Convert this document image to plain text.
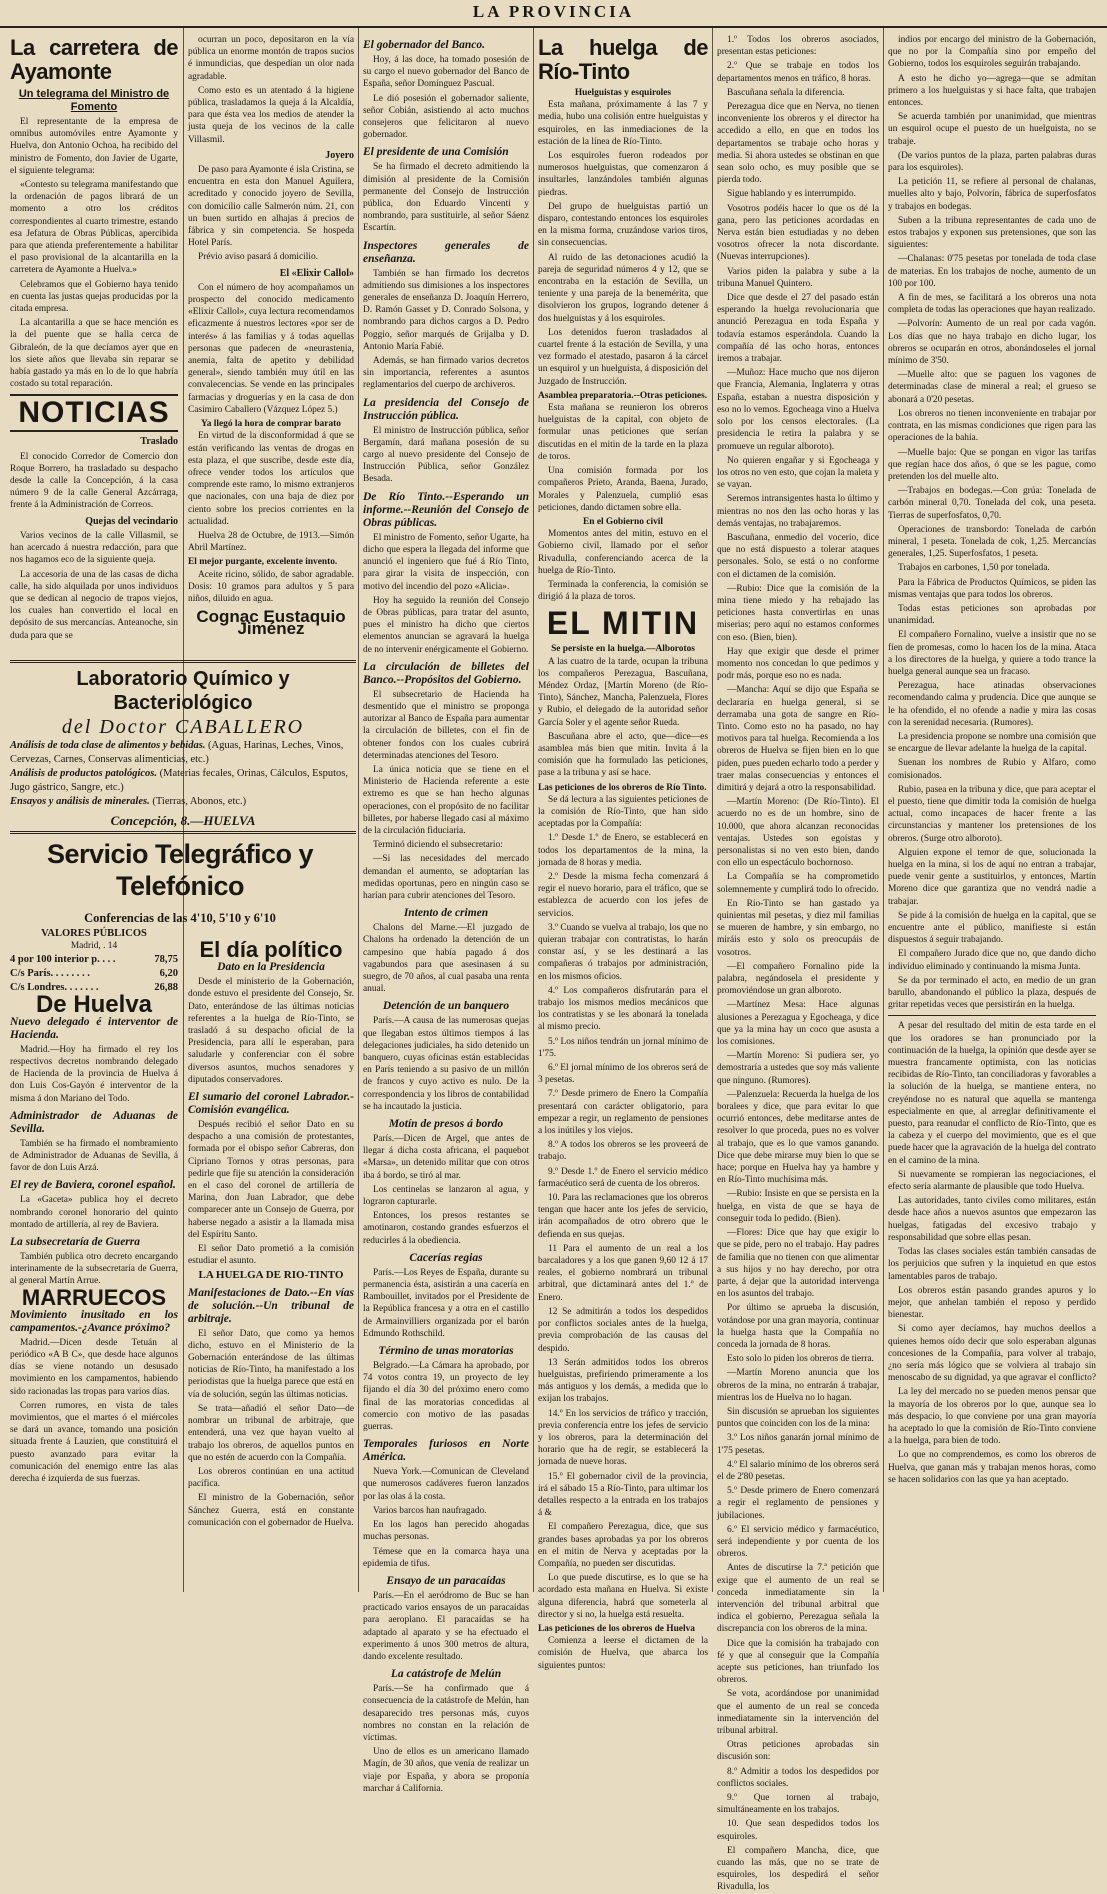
LA PROVINCIA
La carretera de Ayamonte
Un telegrama del Ministro de Fomento

El representante de la empresa de omnibus automóviles entre Ayamonte y Huelva, don Antonio Ochoa, ha recibido del ministro de Fomento, don Javier de Ugarte, el siguiente telegrama:

«Contesto su telegrama manifestando que la ordenación de pagos librará de un momento a otro los créditos correspondientes al cuarto trimestre, estando esa Jefatura de Obras Públicas, apercibida para que atienda preferentemente a habilitar el paso provisional de la alcantarilla en la carretera de Ayamonte a Huelva.»

Celebramos que el Gobierno haya tenido en cuenta las justas quejas producidas por la citada empresa.

La alcantarilla a que se hace mención es la del puente que se halla cerca de Gibraleón, de la que decíamos ayer que en los siete años que llevaba sin reparar se había gastado ya más en lo de lo que habría costado su total reparación.

NOTICIAS
Traslado

El conocido Corredor de Comercio don Roque Borrero, ha trasladado su despacho desde la calle la Concepción, á la casa número 9 de la calle General Azcárraga, frente á la Administración de Correos.

Quejas del vecindario

Varios vecinos de la calle Villasmil, se han acercado á nuestra redacción, para que nos hagamos eco de la siguiente queja.

La accesoria de una de las casas de dicha calle, ha sido alquilada por unos individuos que se dedican al negocio de trapos viejos, los cuales han convertido el local en depósito de sus mercancías. Anteanoche, sin duda para que se

ocurran un poco, depositaron en la vía pública un enorme montón de trapos sucios é inmundicias, que despedían un olor nada agradable.

Como esto es un atentado á la higiene pública, trasladamos la queja á la Alcaldía, para que ésta vea los medios de atender la justa queja de los vecinos de la calle Villasmil.

Joyero

De paso para Ayamonte é isla Cristina, se encuentra en esta don Manuel Aguilera, acreditado y conocido joyero de Sevilla, con domicilio calle Salmerón núm. 21, con un buen surtido en alhajas á precios de fábrica y sin competencia. Se hospeda Hotel París.

Prévio aviso pasará á domicilio.

El «Elixir Callol»

Con el número de hoy acompañamos un prospecto del conocido medicamento «Elixir Callol», cuya lectura recomendamos eficazmente á nuestros lectores «por ser de interés» á las familias y á todas aquellas personas que padecen de «neurastenia, anemia, falta de apetito y debilidad general», siendo también muy útil en las convalecencias. Se vende en las principales farmacias y droguerías y en la casa de don Casimiro Caballero (Vázquez López 5.)

Ya llegó la hora de comprar barato

En virtud de la disconformidad á que se están verificando las ventas de drogas en esta plaza, el que suscribe, desde este día, ofrece vender todos los artículos que comprende este ramo, lo mismo extranjeros que nacionales, con una baja de diez por ciento sobre los precios corrientes en la actualidad.

Huelva 28 de Octubre, de 1913.—Simón Abril Martínez.

El mejor purgante, excelente invento.

Aceite ricino, sólido, de sabor agradable. Dosis: 10 gramos para adultos y 5 para niños, diluido en agua.

Cognac Eustaquio Jiménez
Laboratorio Químico y Bacteriológico
del Doctor CABALLERO
Análisis de toda clase de alimentos y bebidas. (Aguas, Harinas, Leches, Vinos, Cervezas, Carnes, Conservas alimenticias, etc.)
Análisis de productos patológicos. (Materias fecales, Orinas, Cálculos, Esputos, Jugo gástrico, Sangre, etc.)
Ensayos y análisis de minerales. (Tierras, Abonos, etc.)
Concepción, 8.—HUELVA
Servicio Telegráfico y Telefónico
Conferencias de las 4'10, 5'10 y 6'10
VALORES PÚBLICOS
Madrid, . 14
4 por 100 interior p. . . .	78,75
C/s París. . . . . . . .	6,20
C/s Londres. . . . . . .	26,88
De Huelva
Nuevo delegado é interventor de Hacienda.

Madrid.—Hoy ha firmado el rey los respectivos decretos nombrando delegado de Hacienda de la provincia de Huelva á don Luis Cos-Gayón é interventor de la misma á don Mariano del Todo.

Administrador de Aduanas de Sevilla.

También se ha firmado el nombramiento de Administrador de Aduanas de Sevilla, á favor de don Luis Arzá.

El rey de Baviera, coronel español.

La «Gaceta» publica hoy el decreto nombrando coronel honorario del quinto montado de artillería, al rey de Baviera.

La subsecretaría de Guerra

También publica otro decreto encargando interinamente de la subsecretaría de Guerra, al general Martín Arrue.

MARRUECOS
Movimiento inusitado en los campamentos.-¿Avance próximo?

Madrid.—Dicen desde Tetuán al periódico «A B C», que desde hace algunos días se viene notando un desusado movimiento en los campamentos, habiendo sido racionadas las tropas para varios días.

Corren rumores, en vista de tales movimientos, que el martes ó el miércoles se dará un avance, tomando una posición situada frente á Lauzien, que constituirá el puesto avanzado para evitar la comunicación del enemigo entre las alas derecha é izquierda de sus fuerzas.

El día político
Dato en la Presidencia

Desde el ministerio de la Gobernación, donde estuvo el presidente del Consejo, Sr. Dato, enterándose de las últimas noticias referentes a la huelga de Río-Tinto, se trasladó á su despacho oficial de la Presidencia, para allí le esperaban, para saludarle y conferenciar con él sobre diversos asuntos, muchos senadores y diputados conservadores.

El sumario del coronel Labrador.-Comisión evangélica.

Después recibió el señor Dato en su despacho a una comisión de protestantes, formada por el obispo señor Cabreras, don Cipriano Tornos y otras personas, para pedirle que fije su atención la consideración en el caso del coronel de artillería de Marina, don Juan Labrador, que debe comparecer ante un Consejo de Guerra, por haberse negado a asistir a la llamada misa del Espíritu Santo.

El señor Dato prometió a la comisión estudiar el asunto.

LA HUELGA DE RIO-TINTO
Manifestaciones de Dato.--En vías de solución.--Un tribunal de arbitraje.

El señor Dato, que como ya hemos dicho, estuvo en el Ministerio de la Gobernación enterándose de las últimas noticias de Río-Tinto, ha manifestado a los periodistas que la huelga parece que está en vía de solución, según las últimas noticias.

Se trata—añadió el señor Dato—de nombrar un tribunal de arbitraje, que entenderá, una vez que hayan vuelto al trabajo los obreros, de aquellos puntos en que no estén de acuerdo con la Compañía.

Los obreros continúan en una actitud pacífica.

El ministro de la Gobernación, señor Sánchez Guerra, está en constante comunicación con el gobernador de Huelva.

El gobernador del Banco.

Hoy, á las doce, ha tomado posesión de su cargo el nuevo gobernador del Banco de España, señor Domínguez Pascual.

Le dió posesión el gobernador saliente, señor Cobián, asistiendo al acto muchos consejeros que felicitaron al nuevo gobernador.

El presidente de una Comisión

Se ha firmado el decreto admitiendo la dimisión al presidente de la Comisión permanente del Consejo de Instrucción pública, don Eduardo Vincenti y nombrando, para sustituirle, al señor Sáenz Escartín.

Inspectores generales de enseñanza.

También se han firmado los decretos admitiendo sus dimisiones a los inspectores generales de enseñanza D. Joaquín Herrero, D. Ramón Gasset y D. Conrado Solsona, y nombrando para dichos cargos a D. Pedro Poggio, señor marqués de Grijalba y D. Antonio María Fabié.

Además, se han firmado varios decretos sin importancia, referentes a asuntos reglamentarios del cuerpo de archiveros.

La presidencia del Consejo de Instrucción pública.

El ministro de Instrucción pública, señor Bergamín, dará mañana posesión de su cargo al nuevo presidente del Consejo de Instrucción Pública, señor González Besada.

De Río Tinto.--Esperando un informe.--Reunión del Consejo de Obras públicas.

El ministro de Fomento, señor Ugarte, ha dicho que espera la llegada del informe que anunció el ingeniero que fué á Río Tinto, para girar la visita de inspección, con motivo del incendio del pozo «Alicia».

Hoy ha seguido la reunión del Consejo de Obras públicas, para tratar del asunto, pues el ministro ha dicho que ciertos elementos anuncian se agravará la huelga de no intervenir enérgicamente el Gobierno.

La circulación de billetes del Banco.--Propósitos del Gobierno.

El subsecretario de Hacienda ha desmentido que el ministro se proponga autorizar al Banco de España para aumentar la circulación de billetes, con el fin de obtener fondos con los cuales cubrirá determinadas atenciones del Tesoro.

La única noticia que se tiene en el Ministerio de Hacienda referente a este extremo es que se han hecho algunas operaciones, con el propósito de no facilitar billetes, por haberse llegado casi al máximo de la circulación fiduciaria.

Terminó diciendo el subsecretario:

—Si las necesidades del mercado demandan el aumento, se adoptarían las medidas oportunas, pero en ningún caso se harían para cubrir atenciones del Tesoro.

Intento de crimen

Chalons del Marne.—El juzgado de Chalons ha ordenado la detención de un campesino que había pagado á dos vagabundos para que asesinasen á su suegro, de 70 años, al cual pasaba una renta anual.

Detención de un banquero

París.—A causa de las numerosas quejas que llegaban estos últimos tiempos á las delegaciones judiciales, ha sido detenido un banquero, cuyas oficinas están establecidas en París teniendo a su pasivo de un millón de francos y cuyo activo es nulo. De la correspondencia y los libros de contabilidad se ha incautado la justicia.

Motín de presos á bordo

París.—Dicen de Argel, que antes de llegar á dicha costa africana, el paquebot «Marsa», un detenido militar que con otros iba á bordo, se tiró al mar.

Los centinelas se lanzaron al agua, y lograron capturarle.

Entonces, los presos restantes se amotinaron, costando grandes esfuerzos el reducirles á la obediencia.

Cacerías regias

París.—Los Reyes de España, durante su permanencia ésta, asistirán a una cacería en Rambouillet, invitados por el Presidente de la República francesa y a otra en el castillo de Armainvilliers organizada por el barón Edmundo Rothschild.

Término de unas moratorias

Belgrado.—La Cámara ha aprobado, por 74 votos contra 19, un proyecto de ley fijando el día 30 del próximo enero como final de las moratorias concedidas al comercio con motivo de las pasadas guerras.

Temporales furiosos en Norte América.

Nueva York.—Comunican de Cleveland que numerosos cadáveres fueron lanzados por las olas á la costa.

Varios barcos han naufragado.

En los lagos han perecido ahogadas muchas personas.

Témese que en la comarca haya una epidemia de tifus.

Ensayo de un paracaídas

París.—En el aeródromo de Buc se han practicado varios ensayos de un paracaídas para aeroplano. El paracaídas se ha adaptado al aparato y se ha efectuado el experimento á unos 300 metros de altura, dando excelente resultado.

La catástrofe de Melún

París.—Se ha confirmado que á consecuencia de la catástrofe de Melún, han desaparecido tres personas más, cuyos nombres no constan en la relación de víctimas.

Uno de ellos es un americano llamado Magín, de 30 años, que venía de realizar un viaje por España, y abora se proponía marchar á California.

La huelga de Río-Tinto
Huelguistas y esquiroles

Esta mañana, próximamente á las 7 y media, hubo una colisión entre huelguistas y esquiroles, en las inmediaciones de la estación de la línea de Río-Tinto.

Los esquiroles fueron rodeados por numerosos huelguistas, que comenzaron á insultarles, lanzándoles también algunas piedras.

Del grupo de huelguistas partió un disparo, contestando entonces los esquiroles en la misma forma, cruzándose varios tiros, sin consecuencias.

Al ruido de las detonaciones acudió la pareja de seguridad números 4 y 12, que se encontraba en la estación de Sevilla, un teniente y una pareja de la benemérita, que disolvieron los grupos, logrando detener á dos huelguistas y á los esquiroles.

Los detenidos fueron trasladados al cuartel frente á la estación de Sevilla, y una vez formado el atestado, pasaron á la cárcel un esquirol y un huelguista, á disposición del Juzgado de Instrucción.

Asamblea preparatoria.--Otras peticiones.

Esta mañana se reunieron los obreros huelguistas de la capital, con objeto de formular unas peticiones que serían discutidas en el mitin de la tarde en la plaza de toros.

Una comisión formada por los compañeros Prieto, Aranda, Baena, Jurado, Morales y Palenzuela, cumplió esas peticiones, dando dictamen sobre ella.

En el Gobierno civil

Momentos antes del mitin, estuvo en el Gobierno civil, llamado por el señor Rivadulla, conferenciando acerca de la huelga de Río-Tinto.

Terminada la conferencia, la comisión se dirigió á la plaza de toros.

EL MITIN
Se persiste en la huelga.—Alborotos

A las cuatro de la tarde, ocupan la tribuna los compañeros Perezagua, Bascuñana, Méndez Ordaz, [Martín Moreno (de Río-Tinto), Sánchez, Mancha, Palenzuela, Flores y Rubio, el delegado de la autoridad señor García Soler y el agente señor Rueda.

Bascuñana abre el acto, que—dice—es asamblea más bien que mitin. Invita á la comisión que ha formulado las peticiones, pase a la tribuna y así se hace.

Las peticiones de los obreros de Río Tinto.

Se dá lectura a las siguientes peticiones de la comisión de Río-Tinto, que han sido aceptadas por la Compañía:

1.º Desde 1.º de Enero, se establecerá en todos los departamentos de la mina, la jornada de 8 horas y media.

2.º Desde la misma fecha comenzará á regir el nuevo horario, para el tráfico, que se establezca de acuerdo con los jefes de servicios.

3.º Cuando se vuelva al trabajo, los que no quieran trabajar con contratistas, lo harán constar así, y se les destinará a las compañeras ó trabajos por administración, en los mismos oficios.

4.º Los compañeros disfrutarán para el trabajo los mismos medios mecánicos que los contratistas y se les abonará la tonelada al mismo precio.

5.º Los niños tendrán un jornal mínimo de 1'75.

6.º El jornal mínimo de los obreros será de 3 pesetas.

7.º Desde primero de Enero la Compañía presentará con carácter obligatorio, para empezar a regir, un reglamento de pensiones a los inútiles y los viejos.

8.º A todos los obreros se les proveerá de trabajo.

9.º Desde 1.º de Enero el servicio médico farmacéutico será de cuenta de los obreros.

10. Para las reclamaciones que los obreros tengan que hacer ante los jefes de servicio, irán acompañados de otro obrero que le defienda en sus quejas.

11 Para el aumento de un real a los barcaladores y a los que ganen 9,60 12 á 17 reales, el gobierno nombrará un tribunal arbitral, que dictaminará antes del 1.º de Enero.

12 Se admitirán a todos los despedidos por conflictos sociales antes de la huelga, previa comprobación de las causas del despido.

13 Serán admitidos todos los obreros huelguistas, prefiriendo primeramente a los más antiguos y los demás, a medida que lo exijan los trabajos.

14.º En los servicios de tráfico y tracción, previa conferencia entre los jefes de servicio y los obreros, para la determinación del horario que ha de regir, se establecerá la jornada de nueve horas.

15.º El gobernador civil de la provincia, irá el sábado 15 a Río-Tinto, para ultimar los detalles respecto a la entrada en los trabajos á &

El compañero Perezagua, dice, que sus grandes bases aprobadas ya por los obreros en el mitin de Nerva y aceptadas por la Compañía, no pueden ser discutidas.

Lo que puede discutirse, es lo que se ha acordado esta mañana en Huelva. Si existe alguna diferencia, habrá que someterla al director y si no, la huelga está resuelta.

Las peticiones de los obreros de Huelva

Comienza a leerse el dictamen de la comisión de Huelva, que abarca los siguientes puntos:

1.º Todos los obreros asociados, presentan estas peticiones:

2.º Que se trabaje en todos los departamentos menos en tráfico, 8 horas.

Bascuñana señala la diferencia.

Perezagua dice que en Nerva, no tienen inconveniente los obreros y el director ha accedido a ello, en que en todos los departamentos se trabaje ocho horas y media. Si ahora ustedes se obstinan en que sean solo ocho, es muy posible que se pierda todo.

Sigue hablando y es interrumpido.

Vosotros podéis hacer lo que os dé la gana, pero las peticiones acordadas en Nerva están bien estudiadas y no deben vosotros ofrecer la nota discordante. (Nuevas interrupciones).

Varios piden la palabra y sube a la tribuna Manuel Quintero.

Dice que desde el 27 del pasado están esperando la huelga revolucionaria que anunció Perezagua en toda España y todavía estamos esperándola. Cuando la compañía dé las ocho horas, entonces iremos a trabajar.

—Muñoz: Hace mucho que nos dijeron que Francia, Alemania, Inglaterra y otras España, estaban a nuestra disposición y eso no lo vemos. Egocheaga vino a Huelva solo por los censos electorales. (La presidencia le retira la palabra y se promueve un regular alboroto).

No quieren engañar y si Egocheaga y los otros no ven esto, que cojan la maleta y se vayan.

Seremos intransigentes hasta lo último y mientras no nos den las ocho horas y las demás ventajas, no trabajaremos.

Bascuñana, enmedio del vocerío, dice que no está dispuesto a tolerar ataques personales. Solo, se está o no conforme con el dictamen de la comisión.

—Rubio: Dice que la comisión de la mina tiene miedo y ha rebajado las peticiones hasta convertirlas en unas miserias; pero aquí no estamos conformes con eso. (Bien, bien).

Hay que exigir que desde el primer momento nos concedan lo que pedimos y podr más, porque eso no es nada.

—Mancha: Aquí se dijo que España se declararía en huelga general, si se derramaba una gota de sangre en Río-Tinto. Como esto no ha pasado, no hay motivos para tal huelga. Recomienda a los obreros de Huelva se fijen bien en lo que piden, pues pueden echarlo todo a perder y traer malas consecuencias y entonces el dimitirá y dejará a otro la responsabilidad.

—Martín Moreno: (De Río-Tinto). El acuerdo no es de un hombre, sino de 10.000, que ahora alcanzan reconocidas ventajas. Ustedes son egoístas y personalistas si no ven esto bien, dando con ello un espectáculo bochornoso.

La Compañía se ha comprometido solemnemente y cumplirá todo lo ofrecido.

En Río-Tinto se han gastado ya quinientas mil pesetas, y diez mil familias se mueren de hambre, y sin embargo, no miráis esto y solo os preocupáis de vosotros.

—El compañero Fornalino pide la palabra, negándosela el presidente y promoviéndose un gran alboroto.

—Martínez Mesa: Hace algunas alusiones a Perezagua y Egocheaga, y dice que ya la mina hay un coco que asusta a los comisiones.

—Martín Moreno: Si pudiera ser, yo demostraría a ustedes que soy más valiente que ninguno. (Rumores).

—Palenzuela: Recuerda la huelga de los boralees y dice, que para evitar lo que ocurrió entonces, debe meditarse antes de resolver lo que proceda, pues no es volver al trabajo, que es lo que vamos ganando. Dice que debe mirarse muy bien lo que se hace; porque en Huelva hay ya hambre y en Río-Tinto muchísima más.

—Rubio: Insiste en que se persista en la huelga, en vista de que se haya de conseguir toda lo pedido. (Bien).

—Flores: Dice que hay que exigir lo que se pide, pero no el trabajo. Hay padres de familia que no tienen con que alimentar a sus hijos y no hay derecho, por otra parte, á dejar que la autoridad intervenga en los asuntos del trabajo.

Por último se aprueba la discusión, votándose por una gran mayoría, continuar la huelga hasta que la Compañía no conceda la jornada de 8 horas.

Esto solo lo piden los obreros de tierra.

—Martín Moreno anuncia que los obreros de la mina, no entrarán á trabajar, mientras los de Huelva no lo hagan.

Sin discusión se aprueban los siguientes puntos que coinciden con los de la mina:

3.º Los niños ganarán jornal mínimo de 1'75 pesetas.

4.º El salario mínimo de los obreros será el de 2'80 pesetas.

5.º Desde primero de Enero comenzará a regir el reglamento de pensiones y jubilaciones.

6.º El servicio médico y farmacéutico, será independiente y por cuenta de los obreros.

Antes de discutirse la 7.ª petición que exige que el aumento de un real se conceda inmediatamente sin la intervención del tribunal arbitral que indica el gobierno, Perezagua señala la discrepancia con los obreros de la mina.

Dice que la comisión ha trabajado con fé y que al conseguir que la Compañía acepte sus peticiones, han triunfado los obreros.

Se vota, acordándose por unanimidad que el aumento de un real se conceda inmediatamente sin la intervención del tribunal arbitral.

Otras peticiones aprobadas sin discusión son:

8.º Admitir a todos los despedidos por conflictos sociales.

9.º Que tornen al trabajo, simultáneamente en los trabajos.

10. Que sean despedidos todos los esquiroles.

El compañero Mancha, dice, que cuando las más, que no se trate de esquiroles, los despedirá el señor Rivadulla, los

indios por encargo del ministro de la Gobernación, que no por la Compañía sino por empeño del Gobierno, todos los esquiroles seguirán trabajando.

A esto he dicho yo—agrega—que se admitan primero a los huelguistas y si hace falta, que trabajen entonces.

Se acuerda también por unanimidad, que mientras un esquirol ocupe el puesto de un huelguista, no se trabaje.

(De varios puntos de la plaza, parten palabras duras para los esquiroles).

La petición 11, se refiere al personal de chalanas, muelles alto y bajo, Polvorín, fábrica de superfosfatos y trabajos en bodegas.

Suben a la tribuna representantes de cada uno de estos trabajos y exponen sus pretensiones, que son las siguientes:

—Chalanas: 0'75 pesetas por tonelada de toda clase de materias. En los trabajos de noche, aumento de un 100 por 100.

A fin de mes, se facilitará a los obreros una nota completa de todas las operaciones que hayan realizado.

—Polvorín: Aumento de un real por cada vagón. Los días que no haya trabajo en dicho lugar, los obreros se ocuparán en otros, abonándoseles el jornal mínimo de 3'50.

—Muelle alto: que se paguen los vagones de determinadas clase de mineral a real; el grueso se abonará a 0'20 pesetas.

Los obreros no tienen inconveniente en trabajar por contrata, en las mismas condiciones que rigen para las operaciones de la bahía.

—Muelle bajo: Que se pongan en vigor las tarifas que regían hace dos años, ó que se les pague, como pretenden los del muelle alto.

—Trabajos en bodegas.—Con grúa: Tonelada de carbón mineral 0,70. Tonelada del cok, una peseta. Tierras de superfosfatos, 0,70.

Operaciones de transbordo: Tonelada de carbón mineral, 1 peseta. Tonelada de cok, 1,25. Mercancías generales, 1,25. Superfosfatos, 1 peseta.

Trabajos en carbones, 1,50 por tonelada.

Para la Fábrica de Productos Químicos, se piden las mismas ventajas que para todos los obreros.

Todas estas peticiones son aprobadas por unanimidad.

El compañero Fornalino, vuelve a insistir que no se fíen de promesas, como lo hacen los de la mina. Ataca a los directores de la huelga, y quiere a todo trance la huelga general aunque sea un fracaso.

Perezagua, hace atinadas observaciones recomendando calma y prudencia. Dice que aunque se le ha ofendido, el no ofende a nadie y mira las cosas con la serenidad necesaria. (Rumores).

La presidencia propone se nombre una comisión que se encargue de llevar adelante la huelga de la capital.

Suenan los nombres de Rubio y Alfaro, como comisionados.

Rubio, pasea en la tribuna y dice, que para aceptar el el puesto, tiene que dimitir toda la comisión de huelga actual, como incapaces de hacer frente a las circunstancias y mantener los pretensiones de los obreros. (Surge otro alboroto).

Alguien expone el temor de que, solucionada la huelga en la mina, si los de aquí no entran a trabajar, puede venir gente a sustituirlos, y entonces, Martín Moreno dice que garantiza que no vendrá nadie a trabajar.

Se pide á la comisión de huelga en la capital, que se encuentre ante el público, manifieste si están dispuestos á seguir trabajando.

El compañero Jurado dice que no, que dando dicho individuo eliminado y continuando la misma Junta.

Se da por terminado el acto, en medio de un gran barullo, abandonando el público la plaza, después de gritar repetidas veces que persistirán en la huelga.

A pesar del resultado del mitin de esta tarde en el que los oradores se han pronunciado por la continuación de la huelga, la opinión que desde ayer se muestra francamente optimista, con las noticias recibidas de Río-Tinto, tan conciliadoras y favorables a la solución de la huelga, se mantiene entera, no creyéndose no es natural que aquella se mantenga especialmente en que, al arreglar definitivamente el puesto, para reanudar el conflicto de Río-Tinto, que es la cabeza y el cuerpo del movimiento, que es el que puede hacer que la agravación de la huelga del contrato en el camino de la mina.

Si nuevamente se rompieran las negociaciones, el efecto sería alarmante de plausible que todo Huelva.

Las autoridades, tanto civiles como militares, están desde hace años a nuevos asuntos que empezaron las huelgas, fatigadas del excesivo trabajo y responsabilidad que sobre ellas pesan.

Todas las clases sociales están también cansadas de los perjuicios que sufren y la inquietud en que estos lamentables paros de trabajo.

Los obreros están pasando grandes apuros y lo mejor, que anhelan también el reposo y perdido bienestar.

Si como ayer decíamos, hay muchos deellos a quienes hemos oído decir que solo esperaban algunas concesiones de la Compañía, para volver al trabajo, ¿no sería más lógico que se volviera al trabajo sin menoscabo de su dignidad, ya que agravar el conflicto?

La ley del mercado no se pueden menos pensar que la mayoría de los obreros por lo que, aunque sea lo más despacio, lo que conviene por una gran mayoría ha aceptado lo que la comisión de Río-Tinto conviene a la huelga, para bien de todo.

Lo que no comprendemos, es como los obreros de Huelva, que ganan más y trabajan menos horas, como se hacen solidarios con las que ya han aceptado.
